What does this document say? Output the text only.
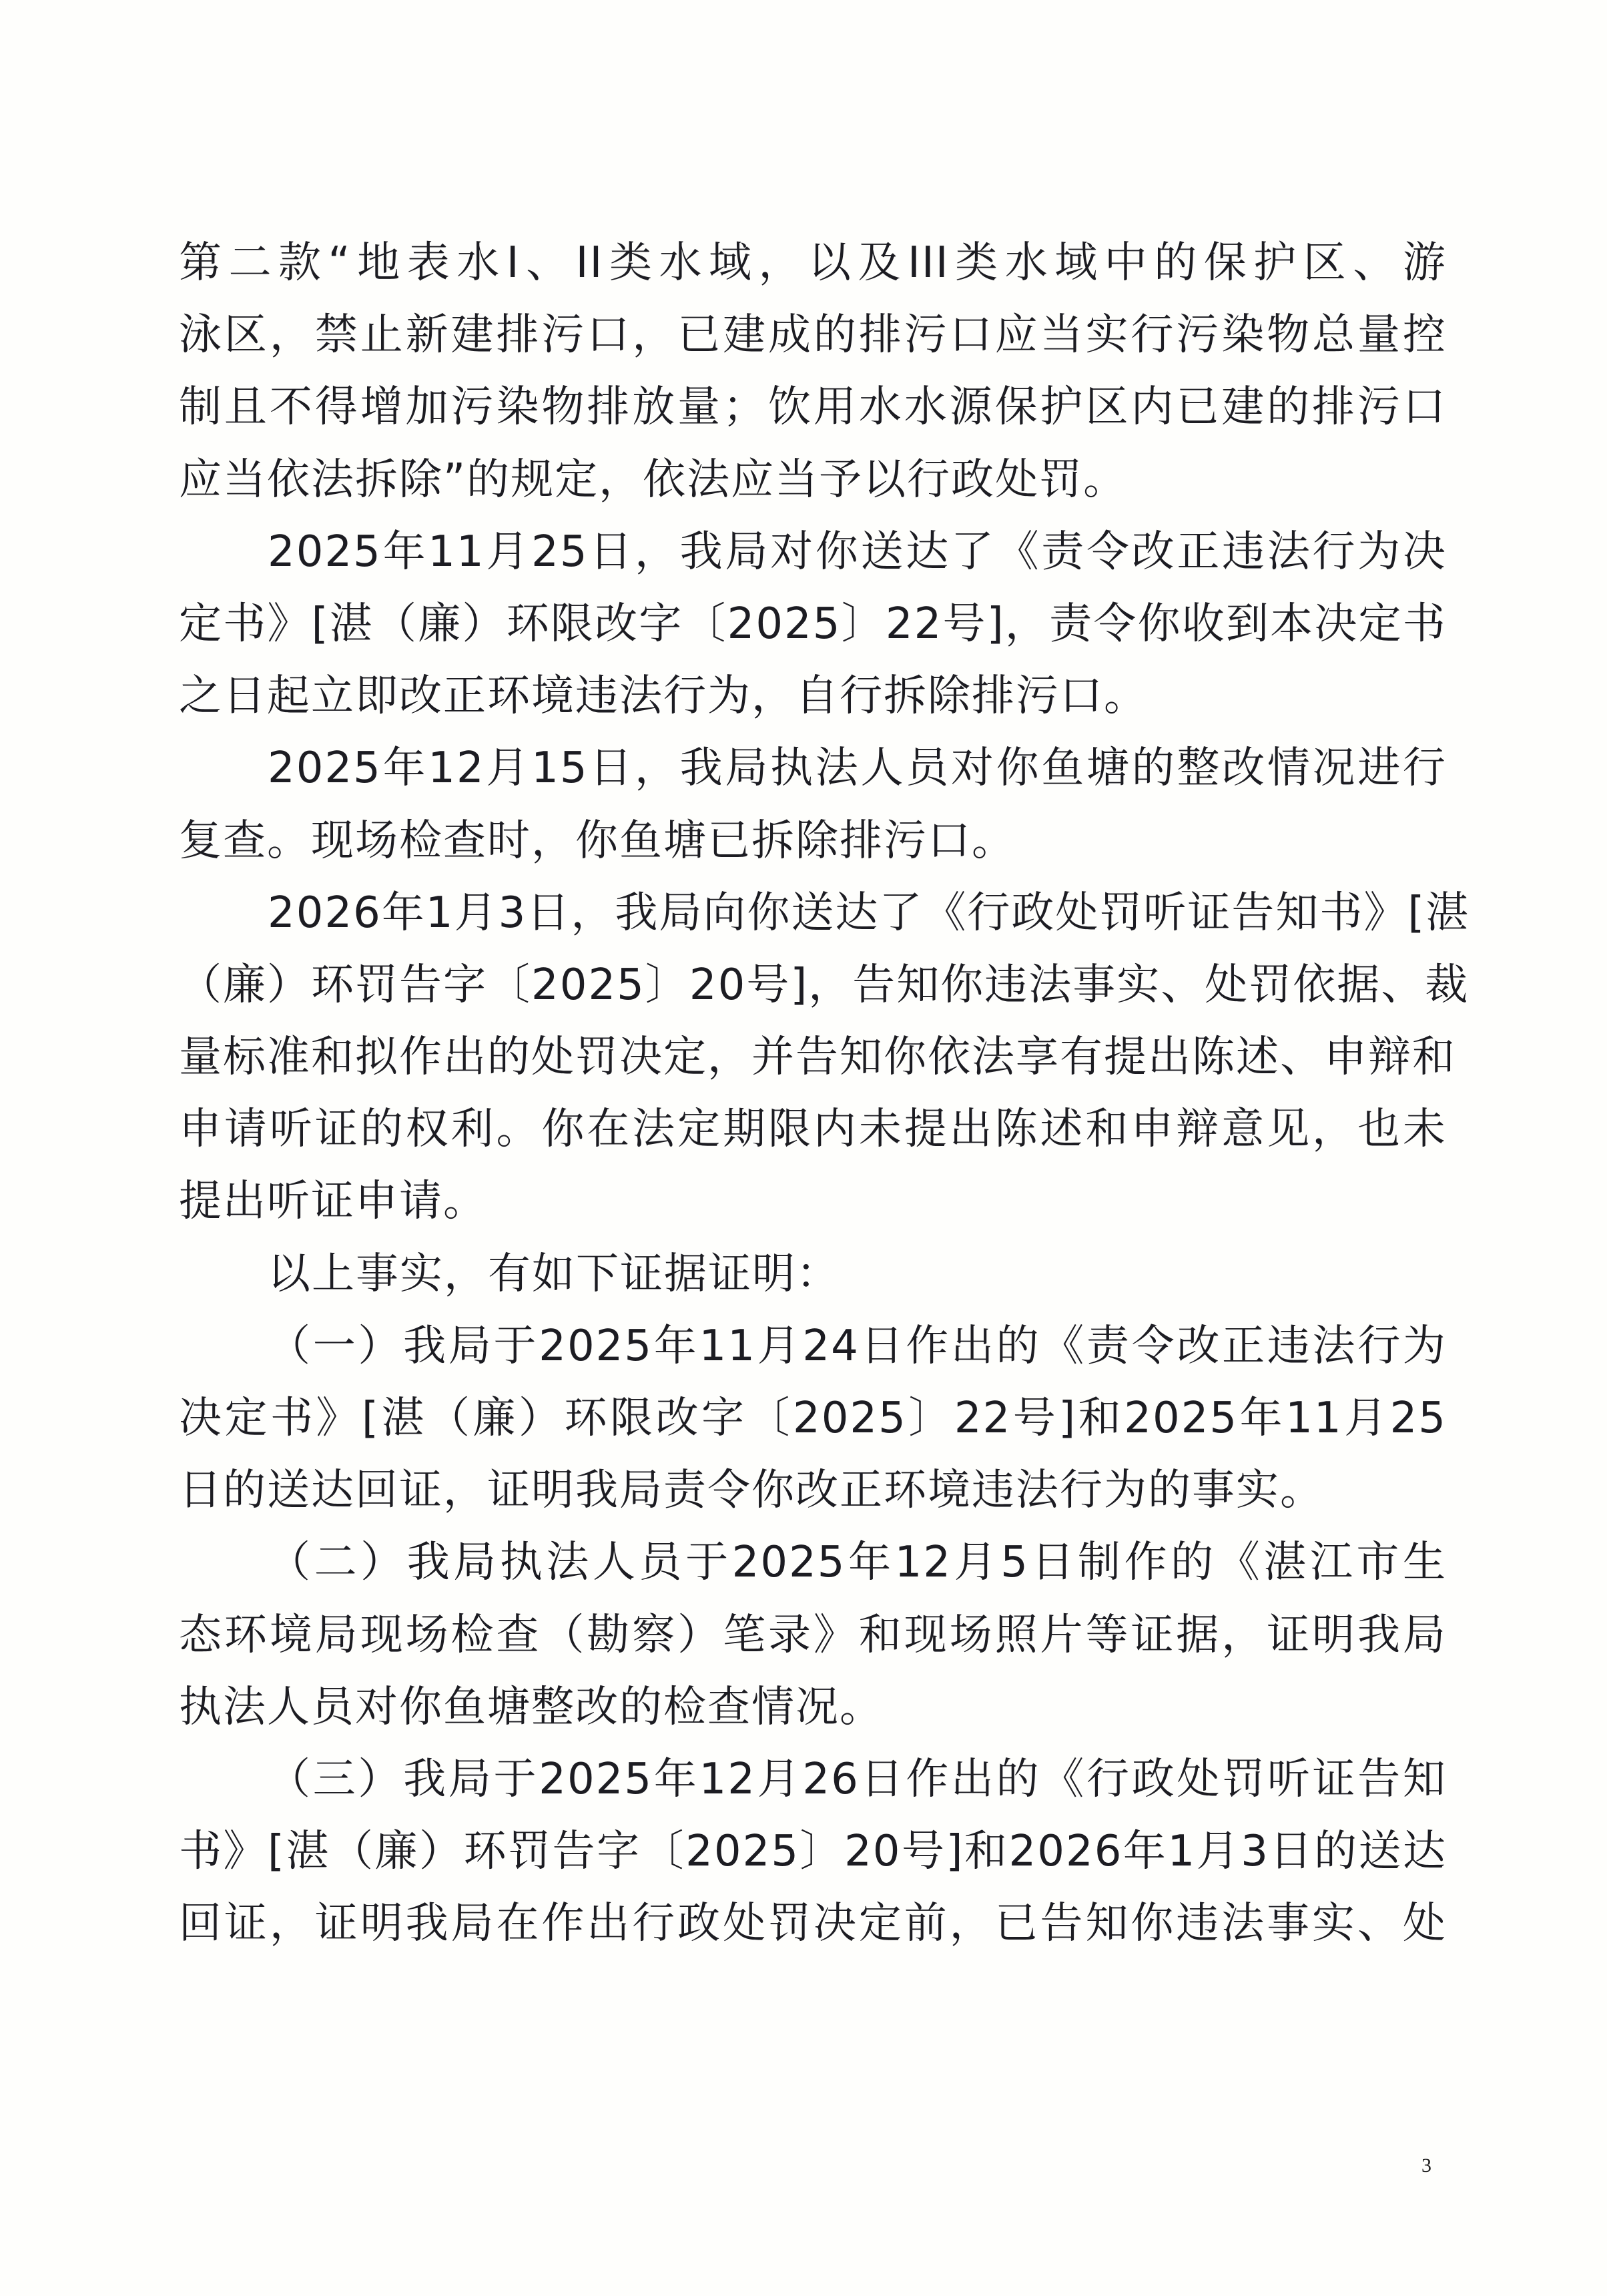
第 二 款 “ 地 表 水 I 、 II 类 水 域 ， 以 及 III 类 水 域 中 的 保 护 区 、 游
泳 区 ， 禁 止 新 建 排 污 口 ， 已 建 成 的 排 污 口 应 当 实 行 污 染 物 总 量 控
制 且 不 得 增 加 污 染 物 排 放 量 ； 饮 用 水 水 源 保 护 区 内 已 建 的 排 污 口
应当依法拆除”的规定，依法应当予以行政处罚。
2025 年 11 月 25 日 ， 我 局 对 你 送 达 了 《 责 令 改 正 违 法 行 为 决
定 书 》 [ 湛 （ 廉 ） 环 限 改 字 〔 2025 〕 22 号 ] ， 责 令 你 收 到 本 决 定 书
之日起立即改正环境违法行为，自行拆除排污口。
2025 年 12 月 15 日 ， 我 局 执 法 人 员 对 你 鱼 塘 的 整 改 情 况 进 行
复查。现场检查时，你鱼塘已拆除排污口。
2026 年 1 月 3 日 ， 我 局 向 你 送 达 了 《 行 政 处 罚 听 证 告 知 书 》 [ 湛
（ 廉 ） 环 罚 告 字 〔 2025 〕 20 号 ] ， 告 知 你 违 法 事 实 、 处 罚 依 据 、 裁
量 标 准 和 拟 作 出 的 处 罚 决 定 ， 并 告 知 你 依 法 享 有 提 出 陈 述 、 申 辩 和
申 请 听 证 的 权 利 。 你 在 法 定 期 限 内 未 提 出 陈 述 和 申 辩 意 见 ， 也 未
提出听证申请。
以上事实，有如下证据证明：
（ 一 ） 我 局 于 2025 年 11 月 24 日 作 出 的 《 责 令 改 正 违 法 行 为
决 定 书 》 [ 湛 （ 廉 ） 环 限 改 字 〔 2025 〕 22 号 ] 和 2025 年 11 月 25
日的送达回证，证明我局责令你改正环境违法行为的事实。
（ 二 ） 我 局 执 法 人 员 于 2025 年 12 月 5 日 制 作 的 《 湛 江 市 生
态 环 境 局 现 场 检 查 （ 勘 察 ） 笔 录 》 和 现 场 照 片 等 证 据 ， 证 明 我 局
执法人员对你鱼塘整改的检查情况。
（ 三 ） 我 局 于 2025 年 12 月 26 日 作 出 的 《 行 政 处 罚 听 证 告 知
书 》 [ 湛 （ 廉 ） 环 罚 告 字 〔 2025 〕 20 号 ] 和 2026 年 1 月 3 日 的 送 达
回 证 ， 证 明 我 局 在 作 出 行 政 处 罚 决 定 前 ， 已 告 知 你 违 法 事 实 、 处
3
